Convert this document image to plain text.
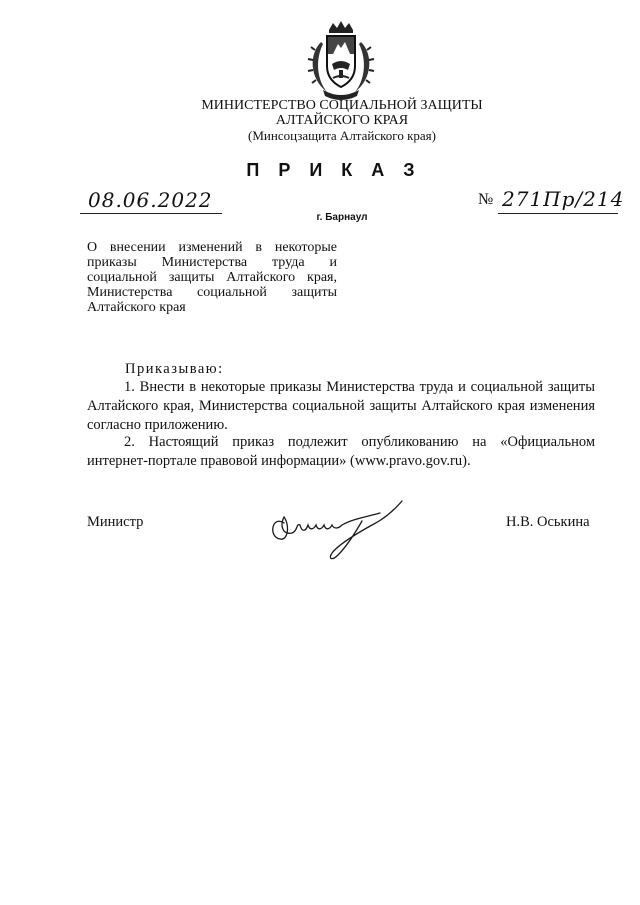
МИНИСТЕРСТВО СОЦИАЛЬНОЙ ЗАЩИТЫ
АЛТАЙСКОГО КРАЯ
(Минсоцзащита Алтайского края)
ПРИКАЗ
08.06.2022
г. Барнаул
№ 271Пр/214
О внесении изменений в некоторые приказы Министерства труда и социальной защиты Алтайского края, Министерства социальной защиты Алтайского края
Приказываю:
1. Внести в некоторые приказы Министерства труда и социальной защиты Алтайского края, Министерства социальной защиты Алтайского края изменения согласно приложению.
2. Настоящий приказ подлежит опубликованию на «Официальном интернет-портале правовой информации» (www.pravo.gov.ru).
Министр	Н.В. Оськина
